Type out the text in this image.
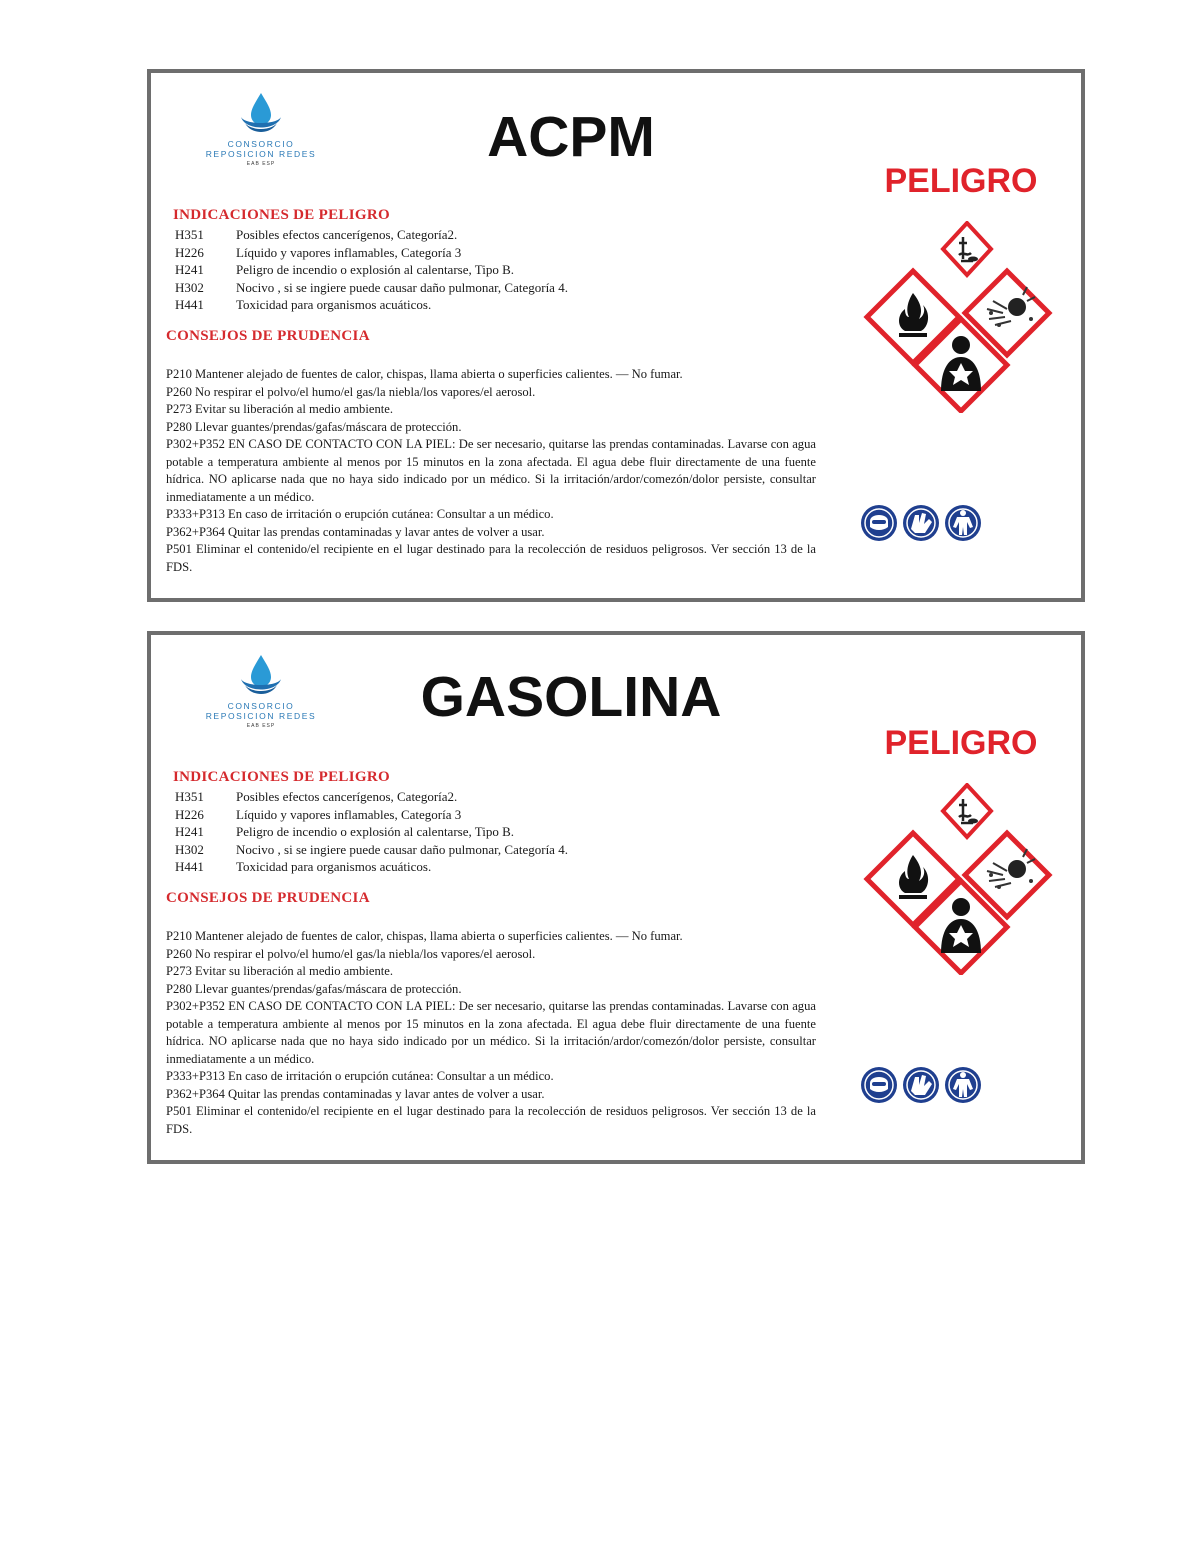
CONSORCIO
REPOSICION REDES
EAB ESP	ACPM
PELIGRO
INDICACIONES DE PELIGRO
H351	Posibles efectos cancerígenos, Categoría2.
H226	Líquido y vapores inflamables, Categoría 3
H241	Peligro de incendio o explosión al calentarse, Tipo B.
H302	Nocivo , si se ingiere puede causar daño pulmonar, Categoría 4.
H441	Toxicidad para organismos acuáticos.
CONSEJOS DE PRUDENCIA

P210 Mantener alejado de fuentes de calor, chispas, llama abierta o superficies calientes. — No fumar.

P260 No respirar el polvo/el humo/el gas/la niebla/los vapores/el aerosol.

P273 Evitar su liberación al medio ambiente.

P280 Llevar guantes/prendas/gafas/máscara de protección.

P302+P352 EN CASO DE CONTACTO CON LA PIEL: De ser necesario, quitarse las prendas contaminadas. Lavarse con agua potable a temperatura ambiente al menos por 15 minutos en la zona afectada. El agua debe fluir directamente de una fuente hídrica. NO aplicarse nada que no haya sido indicado por un médico. Si la irritación/ardor/comezón/dolor persiste, consultar inmediatamente a un médico.

P333+P313 En caso de irritación o erupción cutánea: Consultar a un médico.

P362+P364 Quitar las prendas contaminadas y lavar antes de volver a usar.

P501 Eliminar el contenido/el recipiente en el lugar destinado para la recolección de residuos peligrosos. Ver sección 13 de la FDS.

CONSORCIO
REPOSICION REDES
EAB ESP	GASOLINA
PELIGRO
INDICACIONES DE PELIGRO
H351	Posibles efectos cancerígenos, Categoría2.
H226	Líquido y vapores inflamables, Categoría 3
H241	Peligro de incendio o explosión al calentarse, Tipo B.
H302	Nocivo , si se ingiere puede causar daño pulmonar, Categoría 4.
H441	Toxicidad para organismos acuáticos.
CONSEJOS DE PRUDENCIA

P210 Mantener alejado de fuentes de calor, chispas, llama abierta o superficies calientes. — No fumar.

P260 No respirar el polvo/el humo/el gas/la niebla/los vapores/el aerosol.

P273 Evitar su liberación al medio ambiente.

P280 Llevar guantes/prendas/gafas/máscara de protección.

P302+P352 EN CASO DE CONTACTO CON LA PIEL: De ser necesario, quitarse las prendas contaminadas. Lavarse con agua potable a temperatura ambiente al menos por 15 minutos en la zona afectada. El agua debe fluir directamente de una fuente hídrica. NO aplicarse nada que no haya sido indicado por un médico. Si la irritación/ardor/comezón/dolor persiste, consultar inmediatamente a un médico.

P333+P313 En caso de irritación o erupción cutánea: Consultar a un médico.

P362+P364 Quitar las prendas contaminadas y lavar antes de volver a usar.

P501 Eliminar el contenido/el recipiente en el lugar destinado para la recolección de residuos peligrosos. Ver sección 13 de la FDS.
